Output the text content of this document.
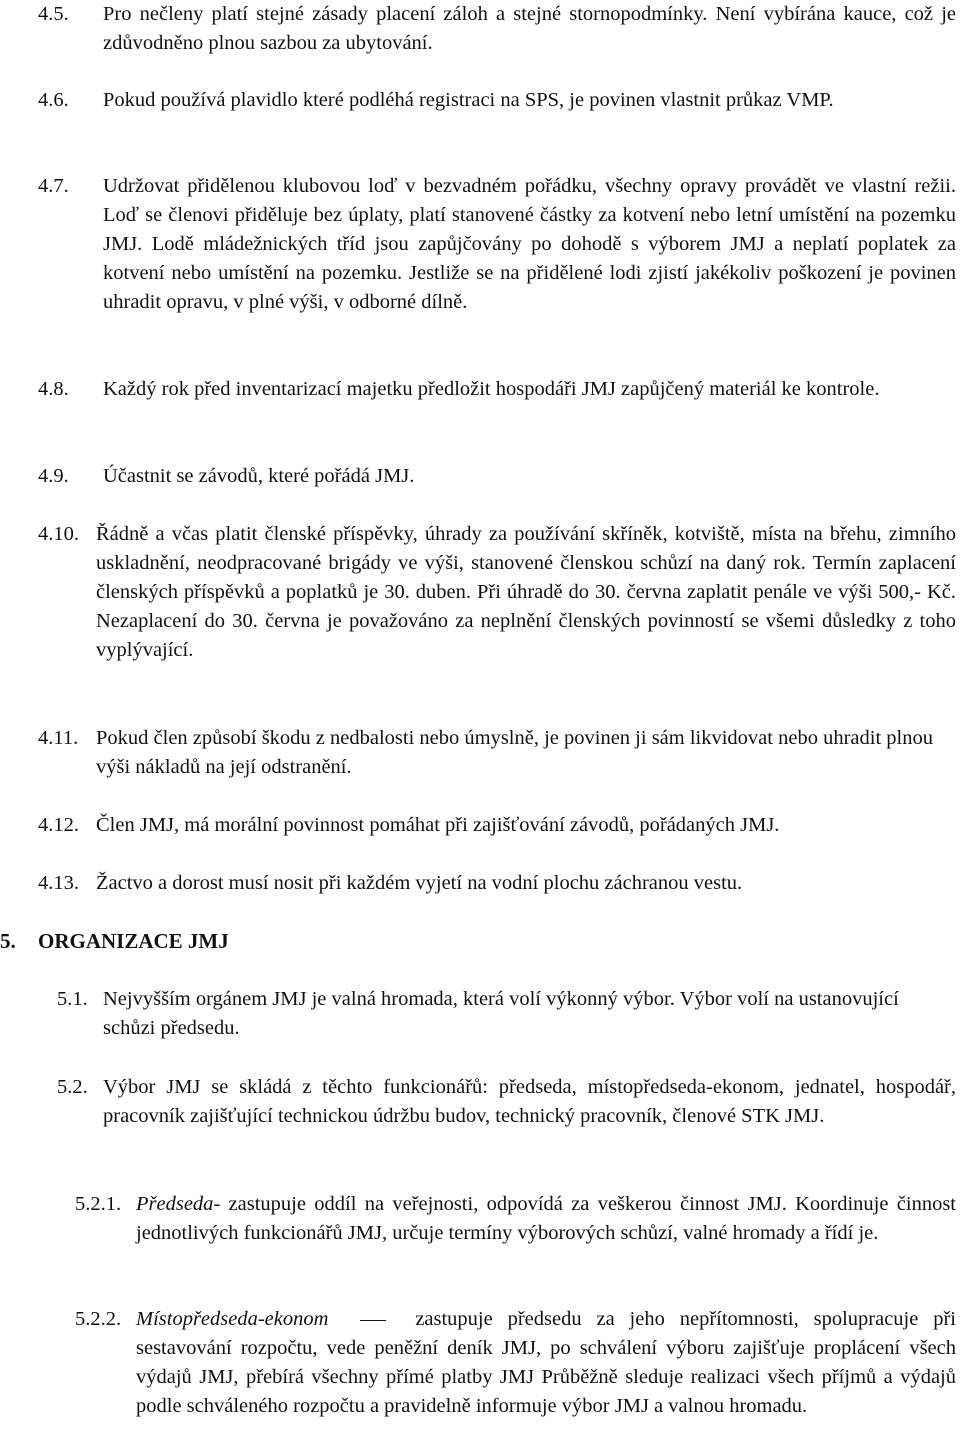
4.5.	Pro nečleny platí stejné zásady placení záloh a stejné stornopodmínky. Není vybírána kauce, což je zdůvodněno plnou sazbou za ubytování.
4.6.	Pokud používá plavidlo které podléhá registraci na SPS, je povinen vlastnit průkaz VMP.
4.7.	Udržovat přidělenou klubovou loď v bezvadném pořádku, všechny opravy provádět ve vlastní režii. Loď se členovi přiděluje bez úplaty, platí stanovené částky za kotvení nebo letní umístění na pozemku JMJ. Lodě mládežnických tříd jsou zapůjčovány po dohodě s výborem JMJ a neplatí poplatek za kotvení nebo umístění na pozemku. Jestliže se na přidělené lodi zjistí jakékoliv poškození je povinen uhradit opravu, v plné výši, v odborné dílně.
4.8.	Každý rok před inventarizací majetku předložit hospodáři JMJ zapůjčený materiál ke kontrole.
4.9.	Účastnit se závodů, které pořádá JMJ.
4.10. Řádně a včas platit členské příspěvky, úhrady za používání skříněk, kotviště, místa na břehu, zimního uskladnění, neodpracované brigády ve výši, stanovené členskou schůzí na daný rok. Termín zaplacení členských příspěvků a poplatků je 30. duben. Při úhradě do 30. června zaplatit penále ve výši 500,- Kč. Nezaplacení do 30. června je považováno za neplnění členských povinností se všemi důsledky z toho vyplývající.
4.11. Pokud člen způsobí škodu z nedbalosti nebo úmyslně, je povinen ji sám likvidovat nebo uhradit plnou výši nákladů na její odstranění.
4.12. Člen JMJ, má morální povinnost pomáhat při zajišťování závodů, pořádaných JMJ.
4.13. Žactvo a dorost musí nosit při každém vyjetí na vodní plochu záchranou vestu.
5. ORGANIZACE JMJ
5.1. Nejvyšším orgánem JMJ je valná hromada, která volí výkonný výbor. Výbor volí na ustanovující schůzi předsedu.
5.2. Výbor JMJ se skládá z těchto funkcionářů: předseda, místopředseda-ekonom, jednatel, hospodář, pracovník zajišťující technickou údržbu budov, technický pracovník, členové STK JMJ.
5.2.1. Předseda- zastupuje oddíl na veřejnosti, odpovídá za veškerou činnost JMJ. Koordinuje činnost jednotlivých funkcionářů JMJ, určuje termíny výborových schůzí, valné hromady a řídí je.
5.2.2. Místopředseda-ekonom	zastupuje předsedu za jeho nepřítomnosti, spolupracuje při sestavování rozpočtu, vede peněžní deník JMJ, po schválení výboru zajišťuje proplácení všech výdajů JMJ, přebírá všechny přímé platby JMJ Průběžně sleduje realizaci všech příjmů a výdajů podle schváleného rozpočtu a pravidelně informuje výbor JMJ a valnou hromadu.
